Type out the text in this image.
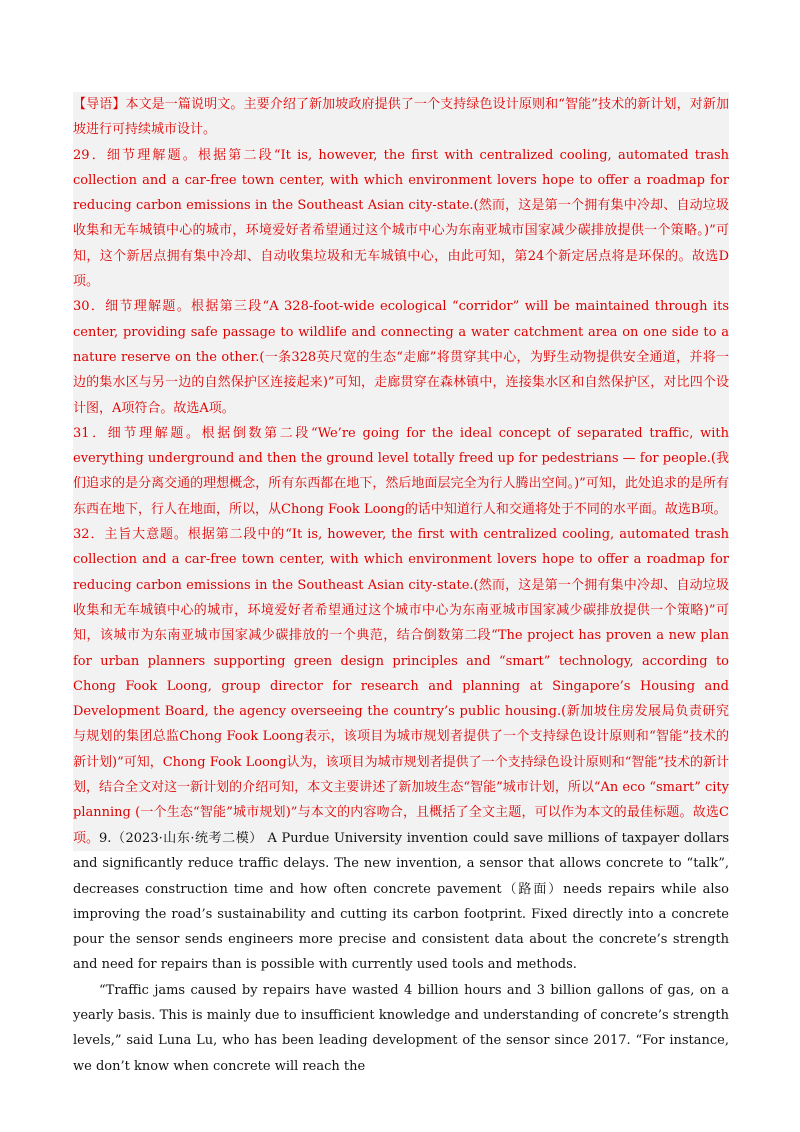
【导语】本文是一篇说明文。主要介绍了新加坡政府提供了一个支持绿色设计原则和“智能”技术的新计划，对新加坡进行可持续城市设计。

29．细节理解题。根据第二段“It is, however, the first with centralized cooling, automated trash collection and a car-free town center, with which environment lovers hope to offer a roadmap for reducing carbon emissions in the Southeast Asian city-state.(然而，这是第一个拥有集中冷却、自动垃圾收集和无车城镇中心的城市，环境爱好者希望通过这个城市中心为东南亚城市国家减少碳排放提供一个策略。)”可知，这个新居点拥有集中冷却、自动收集垃圾和无车城镇中心，由此可知，第24个新定居点将是环保的。故选D项。

30．细节理解题。根据第三段“A 328-foot-wide ecological “corridor” will be maintained through its center, providing safe passage to wildlife and connecting a water catchment area on one side to a nature reserve on the other.(一条328英尺宽的生态“走廊”将贯穿其中心，为野生动物提供安全通道，并将一边的集水区与另一边的自然保护区连接起来)”可知，走廊贯穿在森林镇中，连接集水区和自然保护区，对比四个设计图，A项符合。故选A项。

31．细节理解题。根据倒数第二段“We’re going for the ideal concept of separated traffic, with everything underground and then the ground level totally freed up for pedestrians — for people.(我们追求的是分离交通的理想概念，所有东西都在地下，然后地面层完全为行人腾出空间。)”可知，此处追求的是所有东西在地下，行人在地面，所以，从Chong Fook Loong的话中知道行人和交通将处于不同的水平面。故选B项。

32．主旨大意题。根据第二段中的“It is, however, the first with centralized cooling, automated trash collection and a car-free town center, with which environment lovers hope to offer a roadmap for reducing carbon emissions in the Southeast Asian city-state.(然而，这是第一个拥有集中冷却、自动垃圾收集和无车城镇中心的城市，环境爱好者希望通过这个城市中心为东南亚城市国家减少碳排放提供一个策略)”可知，该城市为东南亚城市国家减少碳排放的一个典范，结合倒数第二段“The project has proven a new plan for urban planners supporting green design principles and “smart” technology, according to Chong Fook Loong, group director for research and planning at Singapore’s Housing and Development Board, the agency overseeing the country’s public housing.(新加坡住房发展局负责研究与规划的集团总监Chong Fook Loong表示，该项目为城市规划者提供了一个支持绿色设计原则和“智能”技术的新计划)”可知，Chong Fook Loong认为，该项目为城市规划者提供了一个支持绿色设计原则和“智能”技术的新计划，结合全文对这一新计划的介绍可知，本文主要讲述了新加坡生态“智能”城市计划，所以“An eco “smart” city planning (一个生态“智能”城市规划)”与本文的内容吻合，且概括了全文主题，可以作为本文的最佳标题。故选C项。 9.（2023·山东·统考二模） A Purdue University invention could save millions of taxpayer dollars and significantly reduce traffic delays. The new invention, a sensor that allows concrete to “talk”, decreases construction time and how often concrete pavement（路面）needs repairs while also improving the road’s sustainability and cutting its carbon footprint. Fixed directly into a concrete pour the sensor sends engineers more precise and consistent data about the concrete’s strength and need for repairs than is possible with currently used tools and methods.

“Traffic jams caused by repairs have wasted 4 billion hours and 3 billion gallons of gas, on a yearly basis. This is mainly due to insufficient knowledge and understanding of concrete’s strength levels,” said Luna Lu, who has been leading development of the sensor since 2017. “For instance, we don’t know when concrete will reach the
